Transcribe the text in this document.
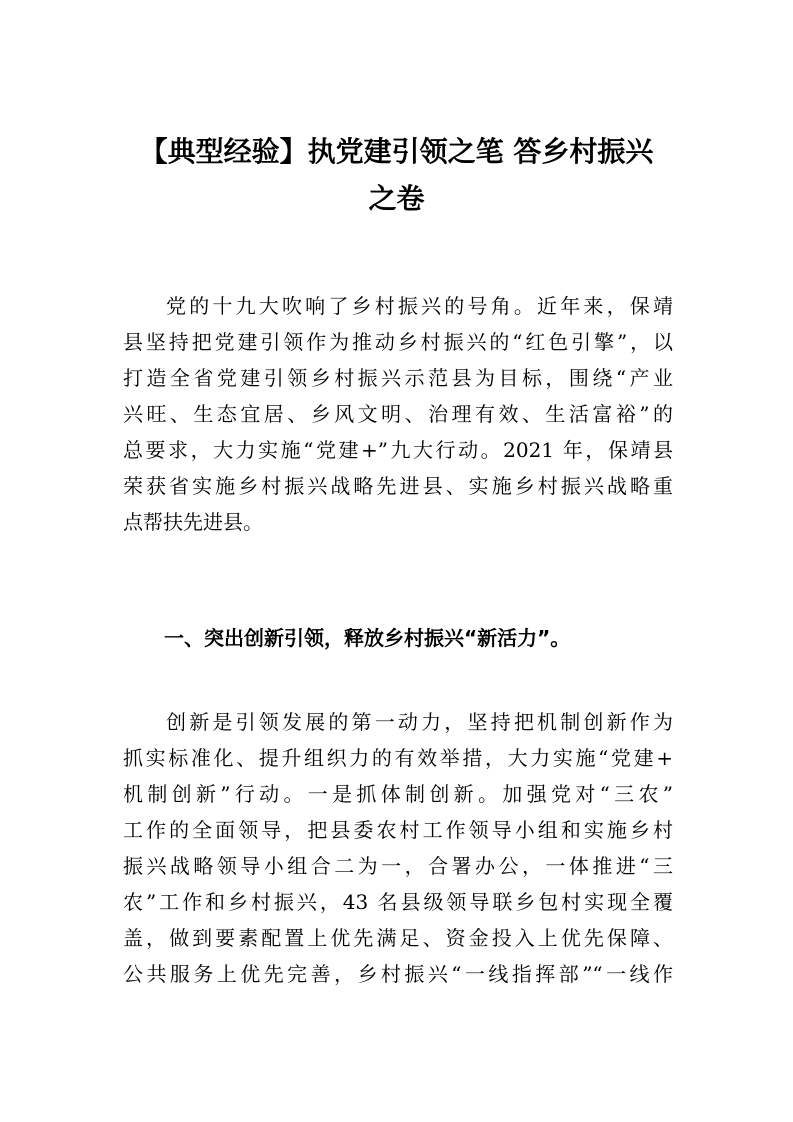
【典型经验】执党建引领之笔 答乡村振兴
之卷

党的十九大吹响了乡村振兴的号角。近年来，保靖
县坚持把党建引领作为推动乡村振兴的“红色引擎”，以
打造全省党建引领乡村振兴示范县为目标，围绕“产业
兴旺、生态宜居、乡风文明、治理有效、生活富裕”的
总要求，大力实施“党建+”九大行动。2021 年，保靖县
荣获省实施乡村振兴战略先进县、实施乡村振兴战略重
点帮扶先进县。

一、突出创新引领，释放乡村振兴“新活力”。

创新是引领发展的第一动力，坚持把机制创新作为
抓实标准化、提升组织力的有效举措，大力实施“党建+
机制创新”行动。一是抓体制创新。加强党对“三农”
工作的全面领导，把县委农村工作领导小组和实施乡村
振兴战略领导小组合二为一，合署办公，一体推进“三
农”工作和乡村振兴，43 名县级领导联乡包村实现全覆
盖，做到要素配置上优先满足、资金投入上优先保障、
公共服务上优先完善，乡村振兴“一线指挥部”“一线作
